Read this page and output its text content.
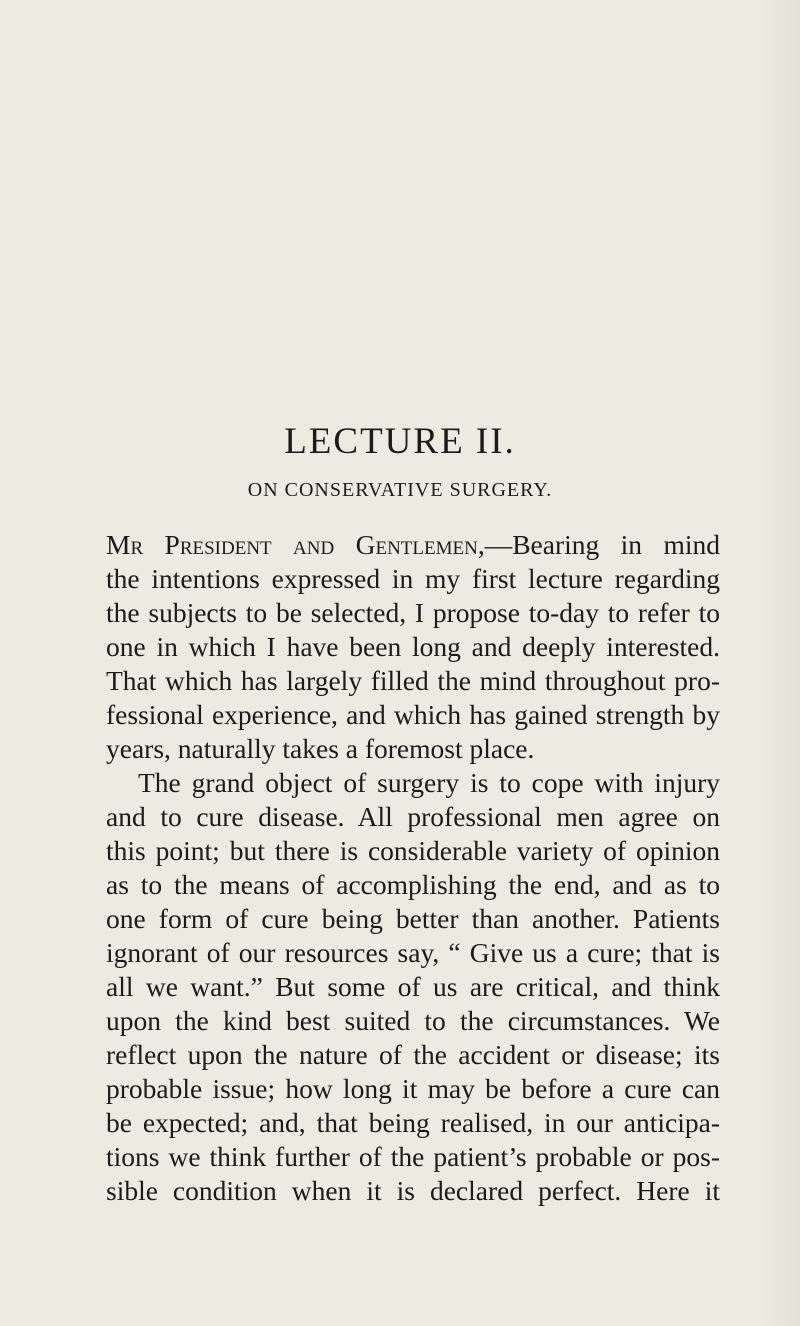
LECTURE II.
ON CONSERVATIVE SURGERY.
Mr President and Gentlemen,—Bearing in mind
the intentions expressed in my first lecture regarding
the subjects to be selected, I propose to-day to refer to
one in which I have been long and deeply interested.
That which has largely filled the mind throughout pro-
fessional experience, and which has gained strength by
years, naturally takes a foremost place.
The grand object of surgery is to cope with injury
and to cure disease. All professional men agree on
this point; but there is considerable variety of opinion
as to the means of accomplishing the end, and as to
one form of cure being better than another. Patients
ignorant of our resources say, “ Give us a cure; that is
all we want.” But some of us are critical, and think
upon the kind best suited to the circumstances. We
reflect upon the nature of the accident or disease; its
probable issue; how long it may be before a cure can
be expected; and, that being realised, in our anticipa-
tions we think further of the patient’s probable or pos-
sible condition when it is declared perfect. Here it
